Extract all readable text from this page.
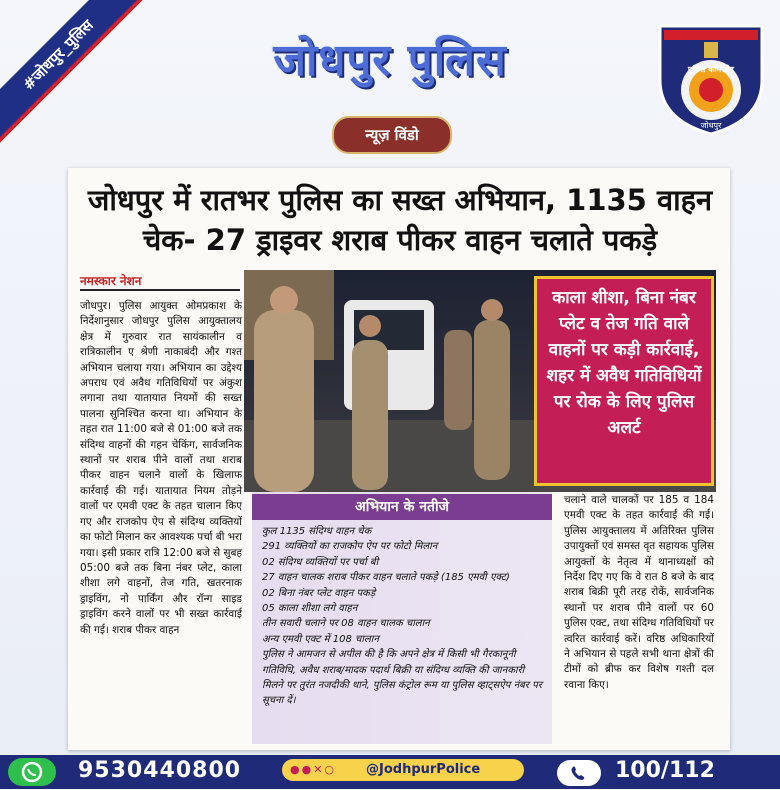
#जोधपुर_पुलिस	जोधपुर पुलिस
न्यूज़ विंडो
पुलिस कमिश्नरेट
जोधपुर
जोधपुर में रातभर पुलिस का सख्त अभियान, 1135 वाहन चेक- 27 ड्राइवर शराब पीकर वाहन चलाते पकड़े
नमस्कार नेशन
जोधपुर। पुलिस आयुक्त ओमप्रकाश के निर्देशानुसार जोधपुर पुलिस आयुक्तालय क्षेत्र में गुरुवार रात सायंकालीन व रात्रिकालीन ए श्रेणी नाकाबंदी और गश्त अभियान चलाया गया। अभियान का उद्देश्य अपराध एवं अवैध गतिविधियों पर अंकुश लगाना तथा यातायात नियमों की सख्त पालना सुनिश्चित करना था। अभियान के तहत रात 11:00 बजे से 01:00 बजे तक संदिग्ध वाहनों की गहन चेकिंग, सार्वजनिक स्थानों पर शराब पीने वालों तथा शराब पीकर वाहन चलाने वालों के खिलाफ कार्रवाई की गई। यातायात नियम तोड़ने वालों पर एमवी एक्ट के तहत चालान किए गए और राजकोप ऐप से संदिग्ध व्यक्तियों का फोटो मिलान कर आवश्यक पर्चा बी भरा गया। इसी प्रकार रात्रि 12:00 बजे से सुबह 05:00 बजे तक बिना नंबर प्लेट, काला शीशा लगे वाहनों, तेज गति, खतरनाक ड्राइविंग, नो पार्किंग और रॉन्ग साइड ड्राइविंग करने वालों पर भी सख्त कार्रवाई की गई। शराब पीकर वाहन
काला शीशा, बिना नंबर प्लेट व तेज गति वाले वाहनों पर कड़ी कार्रवाई, शहर में अवैध गतिविधियों पर रोक के लिए पुलिस अलर्ट
अभियान के नतीजे
कुल 1135 संदिग्ध वाहन चेक
291 व्यक्तियों का राजकोप ऐप पर फोटो मिलान
02 संदिग्ध व्यक्तियों पर पर्चा बी
27 वाहन चालक शराब पीकर वाहन चलाते पकड़े (185 एमवी एक्ट)
02 बिना नंबर प्लेट वाहन पकड़े
05 काला शीशा लगे वाहन
तीन सवारी चलाने पर 08 वाहन चालक चालान
अन्य एमवी एक्ट में 108 चालान
पुलिस ने आमजन से अपील की है कि अपने क्षेत्र में किसी भी गैरकानूनी गतिविधि, अवैध शराब/मादक पदार्थ बिक्री या संदिग्ध व्यक्ति की जानकारी मिलने पर तुरंत नजदीकी थाने, पुलिस कंट्रोल रूम या पुलिस व्हाट्सऐप नंबर पर सूचना दें।
चलाने वाले चालकों पर 185 व 184 एमवी एक्ट के तहत कार्रवाई की गई। पुलिस आयुक्तालय में अतिरिक्त पुलिस उपायुक्तों एवं समस्त वृत सहायक पुलिस आयुक्तों के नेतृत्व में थानाध्यक्षों को निर्देश दिए गए कि वे रात 8 बजे के बाद शराब बिक्री पूरी तरह रोकें, सार्वजनिक स्थानों पर शराब पीने वालों पर 60 पुलिस एक्ट, तथा संदिग्ध गतिविधियों पर त्वरित कार्रवाई करें। वरिष्ठ अधिकारियों ने अभियान से पहले सभी थाना क्षेत्रों की टीमों को ब्रीफ कर विशेष गश्ती दल रवाना किए।
9530440800	●●✕○ @JodhpurPolice	100/112
